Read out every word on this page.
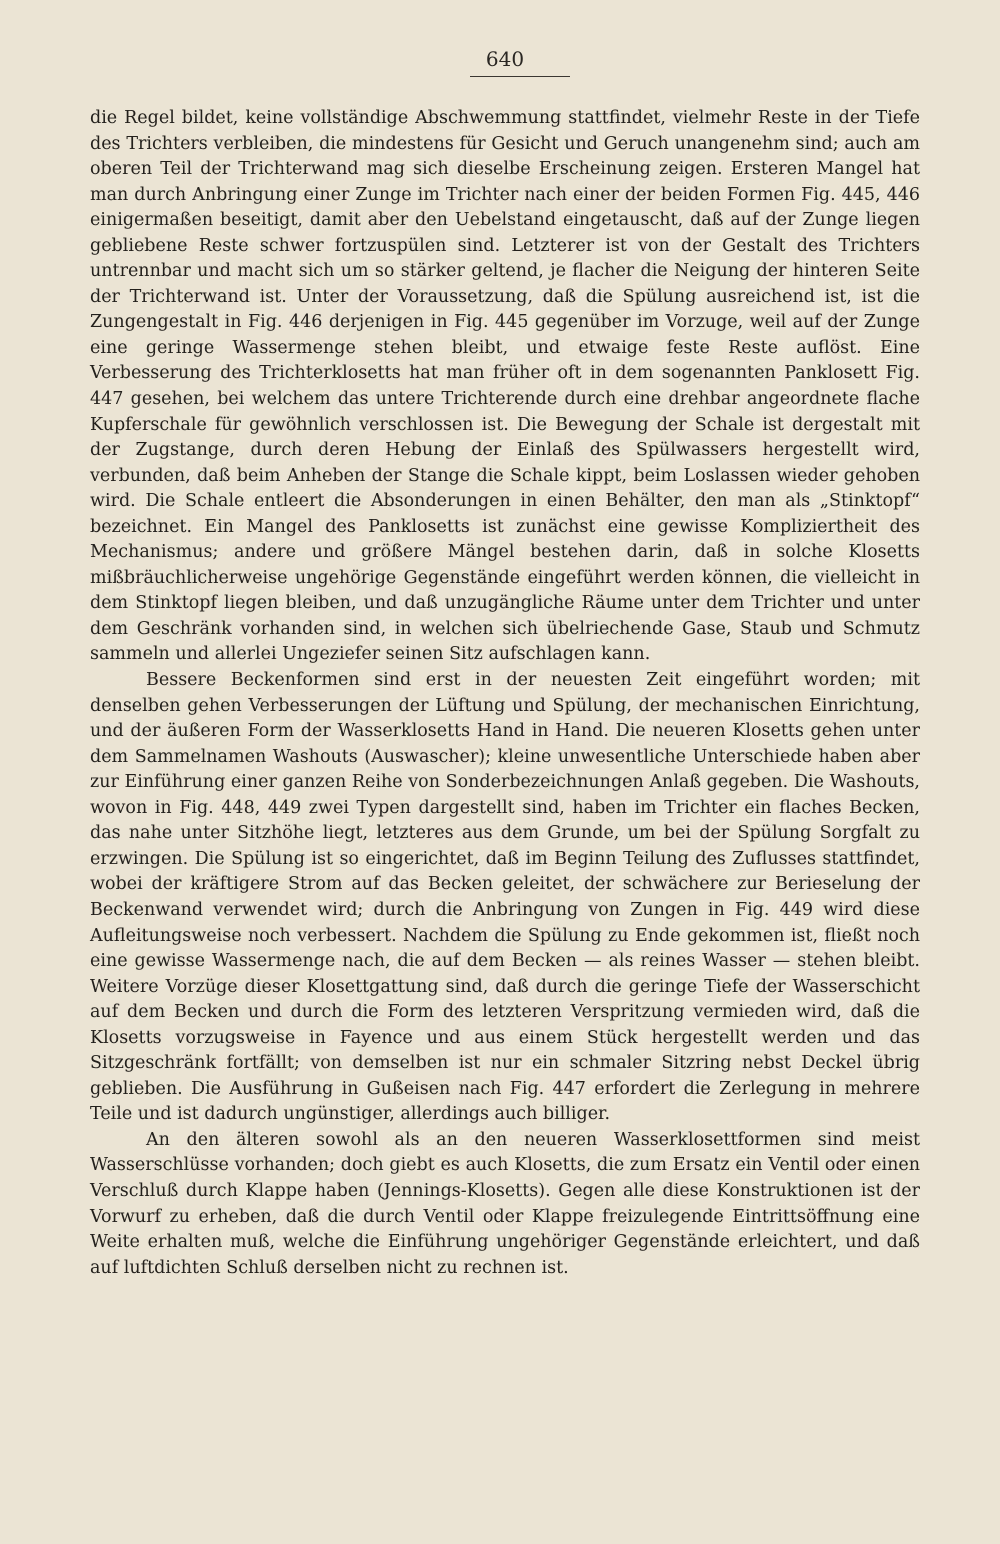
640

die Regel bildet, keine vollständige Abschwemmung stattfindet, vielmehr Reste in der Tiefe des Trichters verbleiben, die mindestens für Gesicht und Geruch unangenehm sind; auch am oberen Teil der Trichterwand mag sich dieselbe Erscheinung zeigen. Ersteren Mangel hat man durch Anbringung einer Zunge im Trichter nach einer der beiden Formen Fig. 445, 446 einigermaßen beseitigt, damit aber den Uebelstand eingetauscht, daß auf der Zunge liegen gebliebene Reste schwer fortzuspülen sind. Letzterer ist von der Gestalt des Trichters untrennbar und macht sich um so stärker geltend, je flacher die Neigung der hinteren Seite der Trichterwand ist. Unter der Voraussetzung, daß die Spülung ausreichend ist, ist die Zungengestalt in Fig. 446 derjenigen in Fig. 445 gegenüber im Vorzuge, weil auf der Zunge eine geringe Wassermenge stehen bleibt, und etwaige feste Reste auflöst. Eine Verbesserung des Trichterklosetts hat man früher oft in dem sogenannten Panklosett Fig. 447 gesehen, bei welchem das untere Trichterende durch eine drehbar angeordnete flache Kupferschale für gewöhnlich verschlossen ist. Die Bewegung der Schale ist dergestalt mit der Zugstange, durch deren Hebung der Einlaß des Spülwassers hergestellt wird, verbunden, daß beim Anheben der Stange die Schale kippt, beim Loslassen wieder gehoben wird. Die Schale entleert die Absonderungen in einen Behälter, den man als „Stinktopf“ bezeichnet. Ein Mangel des Panklosetts ist zunächst eine gewisse Kompliziertheit des Mechanismus; andere und größere Mängel bestehen darin, daß in solche Klosetts mißbräuchlicherweise ungehörige Gegenstände eingeführt werden können, die vielleicht in dem Stinktopf liegen bleiben, und daß unzugängliche Räume unter dem Trichter und unter dem Geschränk vorhanden sind, in welchen sich übelriechende Gase, Staub und Schmutz sammeln und allerlei Ungeziefer seinen Sitz aufschlagen kann.

Bessere Beckenformen sind erst in der neuesten Zeit eingeführt worden; mit denselben gehen Verbesserungen der Lüftung und Spülung, der mechanischen Einrichtung, und der äußeren Form der Wasserklosetts Hand in Hand. Die neueren Klosetts gehen unter dem Sammelnamen Washouts (Auswascher); kleine unwesentliche Unterschiede haben aber zur Einführung einer ganzen Reihe von Sonderbezeichnungen Anlaß gegeben. Die Washouts, wovon in Fig. 448, 449 zwei Typen dargestellt sind, haben im Trichter ein flaches Becken, das nahe unter Sitzhöhe liegt, letzteres aus dem Grunde, um bei der Spülung Sorgfalt zu erzwingen. Die Spülung ist so eingerichtet, daß im Beginn Teilung des Zuflusses stattfindet, wobei der kräftigere Strom auf das Becken geleitet, der schwächere zur Berieselung der Beckenwand verwendet wird; durch die Anbringung von Zungen in Fig. 449 wird diese Aufleitungsweise noch verbessert. Nachdem die Spülung zu Ende gekommen ist, fließt noch eine gewisse Wassermenge nach, die auf dem Becken — als reines Wasser — stehen bleibt. Weitere Vorzüge dieser Klosettgattung sind, daß durch die geringe Tiefe der Wasserschicht auf dem Becken und durch die Form des letzteren Verspritzung vermieden wird, daß die Klosetts vorzugsweise in Fayence und aus einem Stück hergestellt werden und das Sitzgeschränk fortfällt; von demselben ist nur ein schmaler Sitzring nebst Deckel übrig geblieben. Die Ausführung in Gußeisen nach Fig. 447 erfordert die Zerlegung in mehrere Teile und ist dadurch ungünstiger, allerdings auch billiger.

An den älteren sowohl als an den neueren Wasserklosettformen sind meist Wasserschlüsse vorhanden; doch giebt es auch Klosetts, die zum Ersatz ein Ventil oder einen Verschluß durch Klappe haben (Jennings-Klosetts). Gegen alle diese Konstruktionen ist der Vorwurf zu erheben, daß die durch Ventil oder Klappe freizulegende Eintrittsöffnung eine Weite erhalten muß, welche die Einführung ungehöriger Gegenstände erleichtert, und daß auf luftdichten Schluß derselben nicht zu rechnen ist.
